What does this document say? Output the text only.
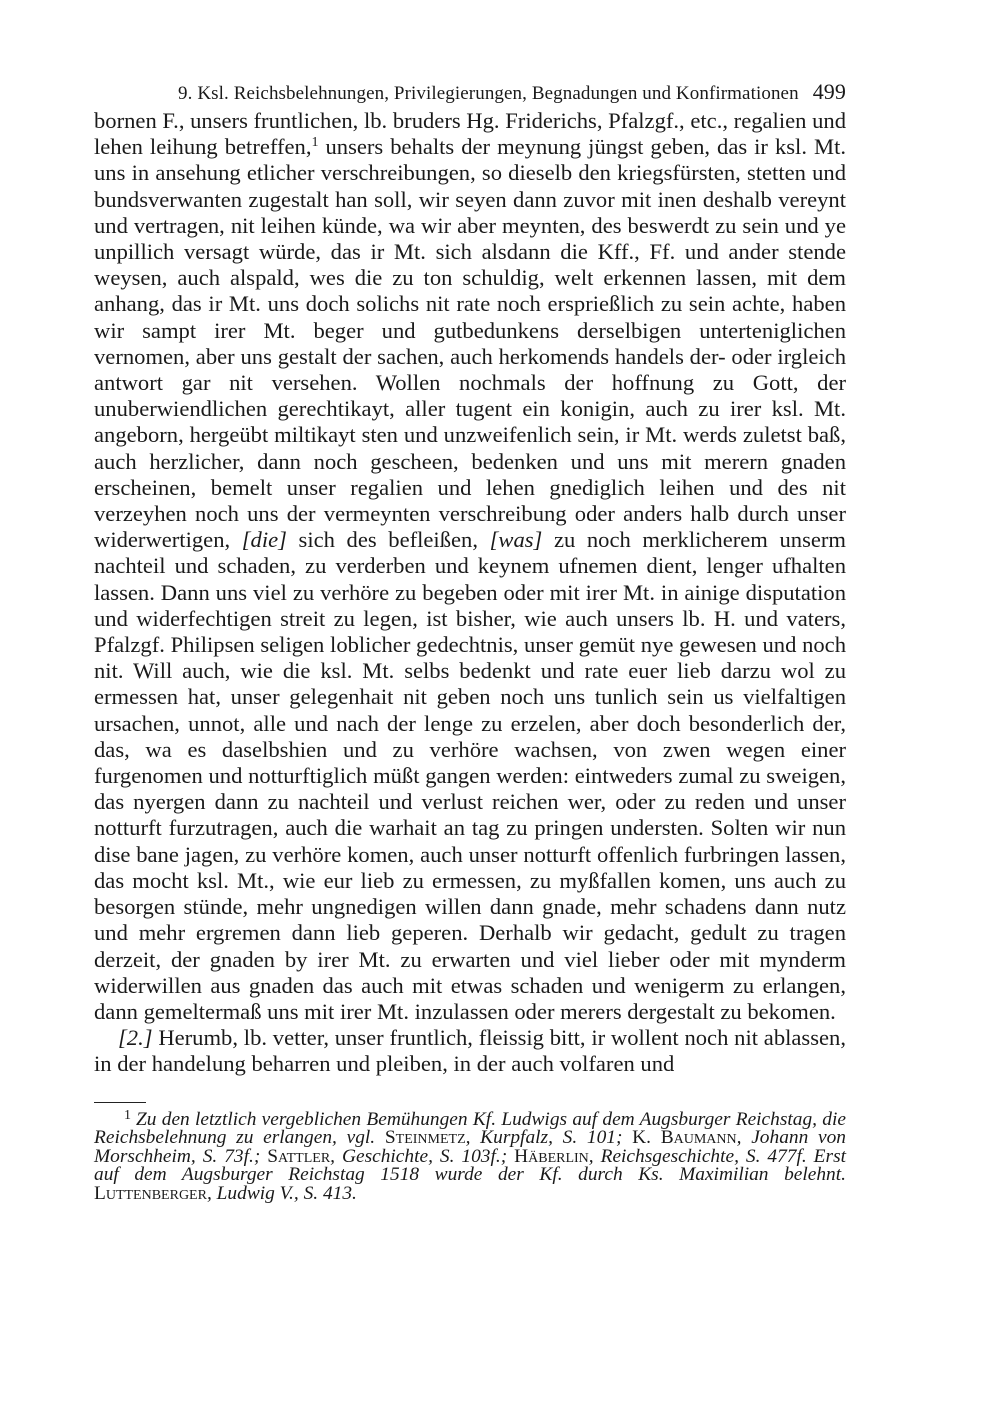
9. Ksl. Reichsbelehnungen, Privilegierungen, Begnadungen und Konfirmationen 499

bornen F., unsers fruntlichen, lb. bruders Hg. Friderichs, Pfalzgf., etc., regalien und lehen leihung betreffen,$^1$ unsers behalts der meynung jüngst geben, das ir ksl. Mt. uns in ansehung etlicher verschreibungen, so dieselb den kriegsfürsten, stetten und bundsverwanten zugestalt han soll, wir seyen dann zuvor mit inen deshalb vereynt und vertragen, nit leihen künde, wa wir aber meynten, des beswerdt zu sein und ye unpillich versagt würde, das ir Mt. sich alsdann die Kff., Ff. und ander stende weysen, auch alspald, wes die zu ton schuldig, welt erkennen lassen, mit dem anhang, das ir Mt. uns doch solichs nit rate noch ersprießlich zu sein achte, haben wir sampt irer Mt. beger und gutbedunkens derselbigen unterteniglichen vernomen, aber uns gestalt der sachen, auch herkomends handels der- oder irgleich antwort gar nit versehen. Wollen nochmals der hoffnung zu Gott, der unuberwiendlichen gerechtikayt, aller tugent ein konigin, auch zu irer ksl. Mt. angeborn, hergeübt miltikayt sten und unzweifenlich sein, ir Mt. werds zuletst baß, auch herzlicher, dann noch gescheen, bedenken und uns mit merern gnaden erscheinen, bemelt unser regalien und lehen gnediglich leihen und des nit verzeyhen noch uns der vermeynten verschreibung oder anders halb durch unser widerwertigen, [die] sich des befleißen, [was] zu noch merklicherem unserm nachteil und schaden, zu verderben und keynem ufnemen dient, lenger ufhalten lassen. Dann uns viel zu verhöre zu begeben oder mit irer Mt. in ainige disputation und widerfechtigen streit zu legen, ist bisher, wie auch unsers lb. H. und vaters, Pfalzgf. Philipsen seligen loblicher gedechtnis, unser gemüt nye gewesen und noch nit. Will auch, wie die ksl. Mt. selbs bedenkt und rate euer lieb darzu wol zu ermessen hat, unser gelegenhait nit geben noch uns tunlich sein us vielfaltigen ursachen, unnot, alle und nach der lenge zu erzelen, aber doch besonderlich der, das, wa es daselbshien und zu verhöre wachsen, von zwen wegen einer furgenomen und notturftiglich müßt gangen werden: eintweders zumal zu sweigen, das nyergen dann zu nachteil und verlust reichen wer, oder zu reden und unser notturft furzutragen, auch die warhait an tag zu pringen understen. Solten wir nun dise bane jagen, zu verhöre komen, auch unser notturft offenlich furbringen lassen, das mocht ksl. Mt., wie eur lieb zu ermessen, zu myßfallen komen, uns auch zu besorgen stünde, mehr ungnedigen willen dann gnade, mehr schadens dann nutz und mehr ergremen dann lieb geperen. Derhalb wir gedacht, gedult zu tragen derzeit, der gnaden by irer Mt. zu erwarten und viel lieber oder mit mynderm widerwillen aus gnaden das auch mit etwas schaden und wenigerm zu erlangen, dann gemeltermaß uns mit irer Mt. inzulassen oder merers dergestalt zu bekomen.

[2.] Herumb, lb. vetter, unser fruntlich, fleissig bitt, ir wollent noch nit ablassen, in der handelung beharren und pleiben, in der auch volfaren und

$^1$ Zu den letztlich vergeblichen Bemühungen Kf. Ludwigs auf dem Augsburger Reichstag, die Reichsbelehnung zu erlangen, vgl. Steinmetz, Kurpfalz, S. 101; K. Baumann, Johann von Morschheim, S. 73f.; Sattler, Geschichte, S. 103f.; Häberlin, Reichsgeschichte, S. 477f. Erst auf dem Augsburger Reichstag 1518 wurde der Kf. durch Ks. Maximilian belehnt. Luttenberger, Ludwig V., S. 413.
